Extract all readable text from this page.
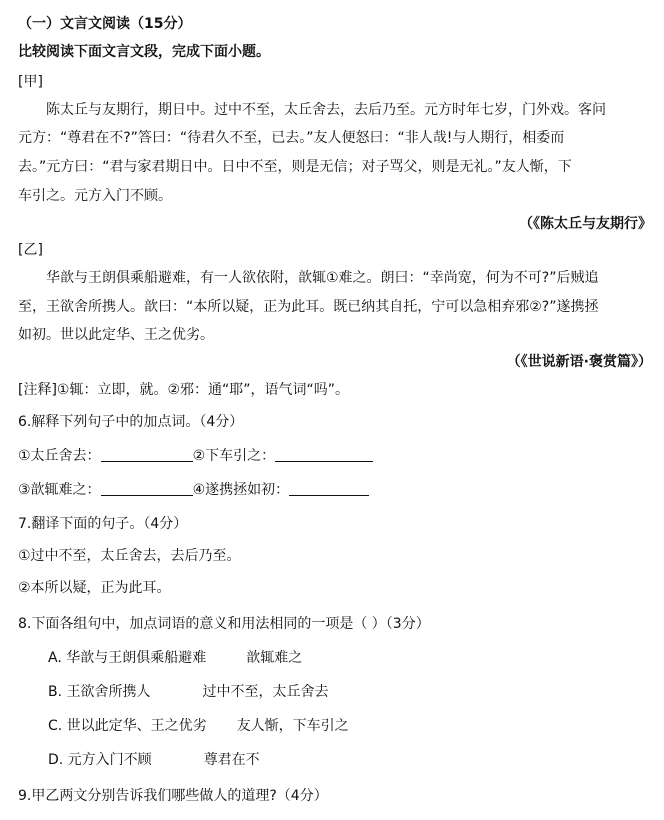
（一）文言文阅读（15分）
比较阅读下面文言文段，完成下面小题。
[甲]
陈太丘与友期行，期日中。过中不至，太丘舍去，去后乃至。元方时年七岁，门外戏。客问
元方：“尊君在不?”答曰：“待君久不至，已去。”友人便怒曰：“非人哉!与人期行，相委而
去。”元方曰：“君与家君期日中。日中不至，则是无信；对子骂父，则是无礼。”友人惭，下
车引之。元方入门不顾。
（《陈太丘与友期行》
[乙]
华歆与王朗俱乘船避难，有一人欲依附，歆辄①难之。朗曰：“幸尚宽，何为不可?”后贼追
至，王欲舍所携人。歆曰：“本所以疑，正为此耳。既已纳其自托，宁可以急相弃邪②?”遂携拯
如初。世以此定华、王之优劣。
（《世说新语·褒赏篇》）
[注释]①辄：立即，就。②邪：通“耶”，语气词“吗”。
6.解释下列句子中的加点词。（4分）
①太丘舍去：	②下车引之：
③歆辄难之：	④遂携拯如初：
7.翻译下面的句子。（4分）
①过中不至，太丘舍去，去后乃至。
②本所以疑，正为此耳。
8.下面各组句中，加点词语的意义和用法相同的一项是（ ）（3分）
A. 华歆与王朗俱乘船避难	歆辄难之
B. 王欲舍所携人	过中不至，太丘舍去
C. 世以此定华、王之优劣 友人惭，下车引之
D. 元方入门不顾	尊君在不
9.甲乙两文分别告诉我们哪些做人的道理?（4分）
